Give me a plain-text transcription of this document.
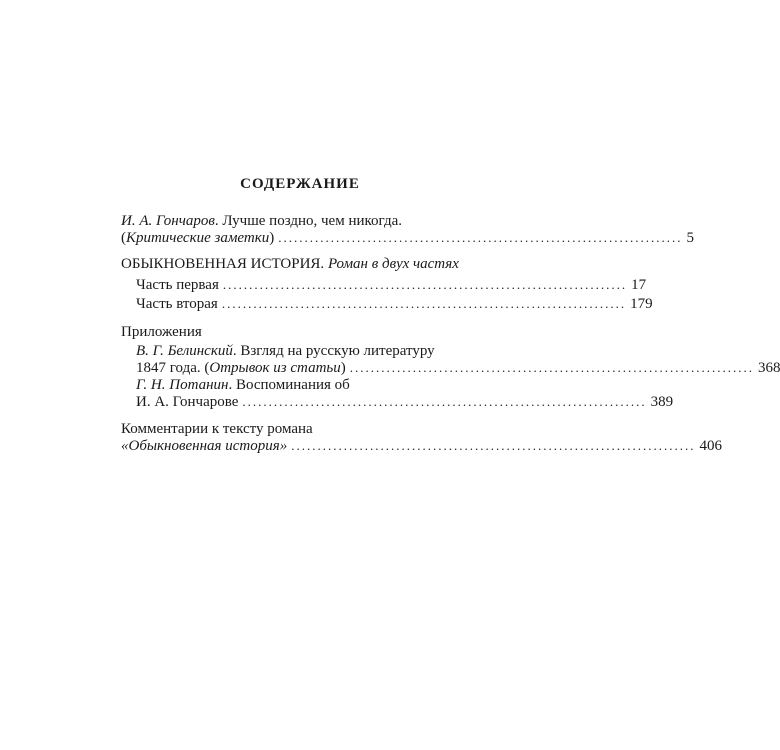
СОДЕРЖАНИЕ
И. А. Гончаров. Лучше поздно, чем никогда.
(Критические заметки) ............................................................................. 5
ОБЫКНОВЕННАЯ ИСТОРИЯ. Роман в двух частях
Часть первая ............................................................................. 17
Часть вторая ............................................................................. 179
Приложения
В. Г. Белинский. Взгляд на русскую литературу
1847 года. (Отрывок из статьи) ............................................................................. 368
Г. Н. Потанин. Воспоминания об
И. А. Гончарове ............................................................................. 389
Комментарии к тексту романа
«Обыкновенная история» ............................................................................. 406
